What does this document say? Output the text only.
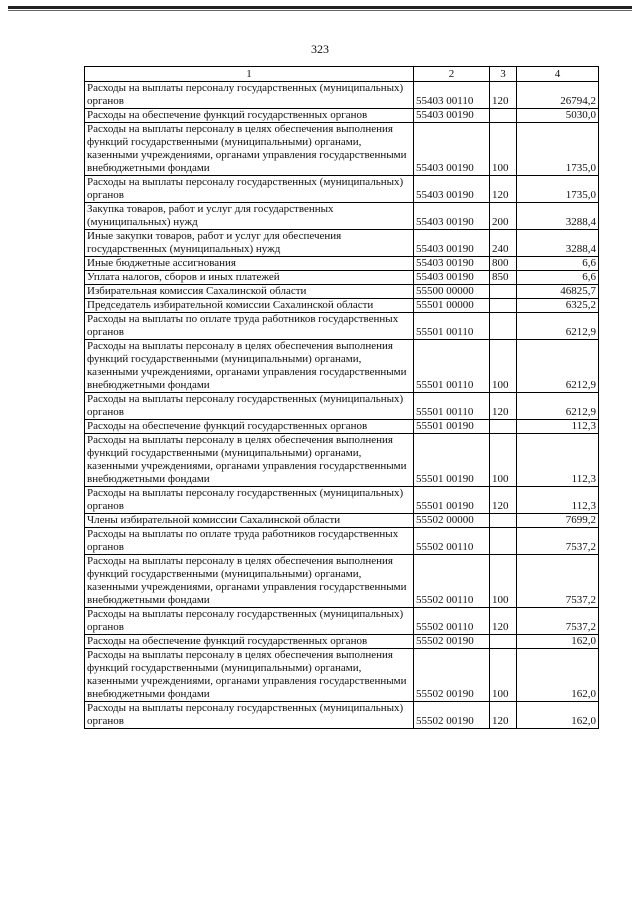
323
1	2	3	4
Расходы на выплаты персоналу государственных (муниципальных) органов	55403 00110	120	26794,2
Расходы на обеспечение функций государственных органов	55403 00190		5030,0
Расходы на выплаты персоналу в целях обеспечения выполнения функций государственными (муниципальными) органами, казенными учреждениями, органами управления государственными внебюджетными фондами	55403 00190	100	1735,0
Расходы на выплаты персоналу государственных (муниципальных) органов	55403 00190	120	1735,0
Закупка товаров, работ и услуг для государственных (муниципальных) нужд	55403 00190	200	3288,4
Иные закупки товаров, работ и услуг для обеспечения государственных (муниципальных) нужд	55403 00190	240	3288,4
Иные бюджетные ассигнования	55403 00190	800	6,6
Уплата налогов, сборов и иных платежей	55403 00190	850	6,6
Избирательная комиссия Сахалинской области	55500 00000		46825,7
Председатель избирательной комиссии Сахалинской области	55501 00000		6325,2
Расходы на выплаты по оплате труда работников государственных органов	55501 00110		6212,9
Расходы на выплаты персоналу в целях обеспечения выполнения функций государственными (муниципальными) органами, казенными учреждениями, органами управления государственными внебюджетными фондами	55501 00110	100	6212,9
Расходы на выплаты персоналу государственных (муниципальных) органов	55501 00110	120	6212,9
Расходы на обеспечение функций государственных органов	55501 00190		112,3
Расходы на выплаты персоналу в целях обеспечения выполнения функций государственными (муниципальными) органами, казенными учреждениями, органами управления государственными внебюджетными фондами	55501 00190	100	112,3
Расходы на выплаты персоналу государственных (муниципальных) органов	55501 00190	120	112,3
Члены избирательной комиссии Сахалинской области	55502 00000		7699,2
Расходы на выплаты по оплате труда работников государственных органов	55502 00110		7537,2
Расходы на выплаты персоналу в целях обеспечения выполнения функций государственными (муниципальными) органами, казенными учреждениями, органами управления государственными внебюджетными фондами	55502 00110	100	7537,2
Расходы на выплаты персоналу государственных (муниципальных) органов	55502 00110	120	7537,2
Расходы на обеспечение функций государственных органов	55502 00190		162,0
Расходы на выплаты персоналу в целях обеспечения выполнения функций государственными (муниципальными) органами, казенными учреждениями, органами управления государственными внебюджетными фондами	55502 00190	100	162,0
Расходы на выплаты персоналу государственных (муниципальных) органов	55502 00190	120	162,0
